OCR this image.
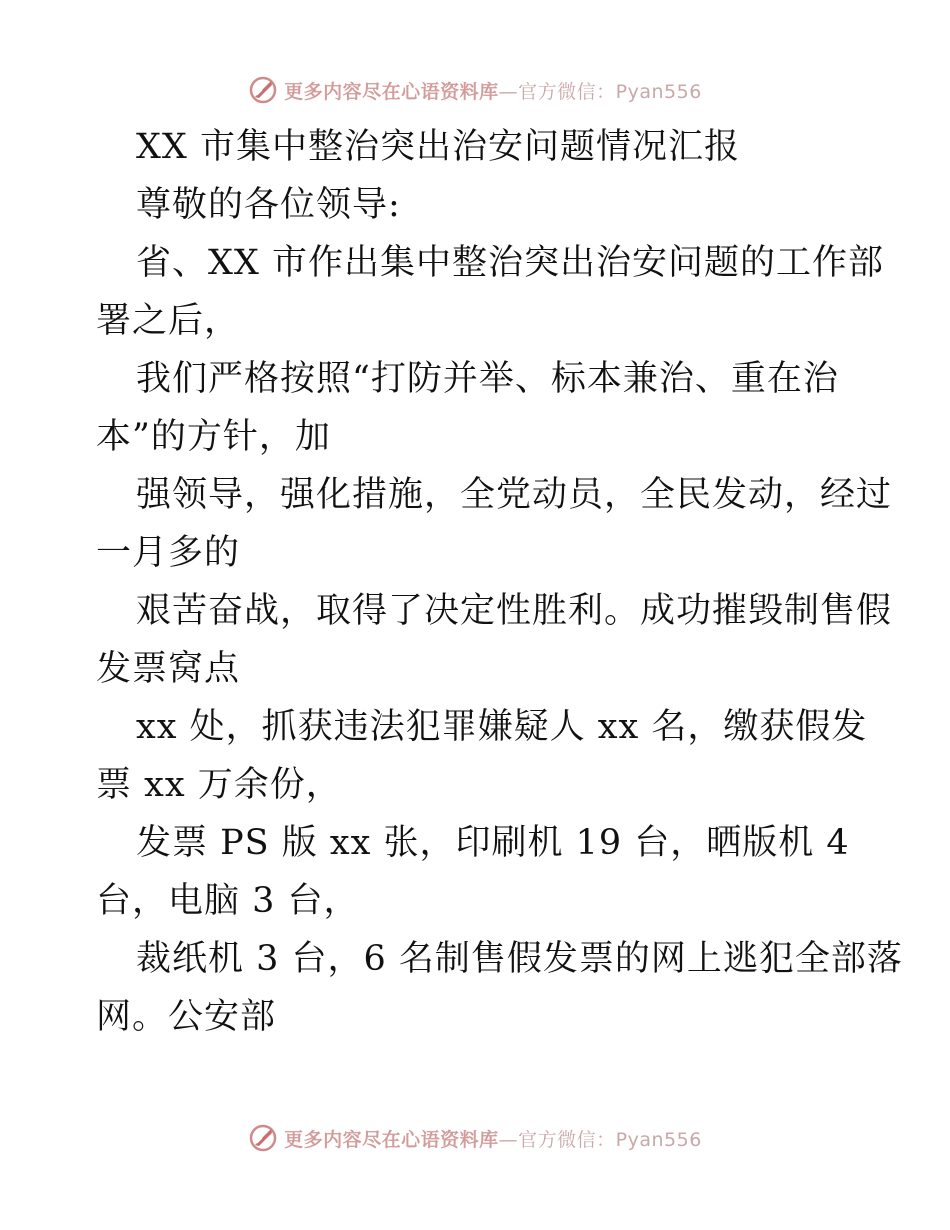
更多内容尽在心语资料库—官方微信：Pyan556
XX 市集中整治突出治安问题情况汇报
尊敬的各位领导:
省、XX 市作出集中整治突出治安问题的工作部
署之后，
我们严格按照“打防并举、标本兼治、重在治
本”的方针，加
强领导，强化措施，全党动员，全民发动，经过
一月多的
艰苦奋战，取得了决定性胜利。成功摧毁制售假
发票窝点
xx 处，抓获违法犯罪嫌疑人 xx 名，缴获假发
票 xx 万余份，
发票 PS 版 xx 张，印刷机 19 台，晒版机 4
台，电脑 3 台，
裁纸机 3 台，6 名制售假发票的网上逃犯全部落
网。公安部
更多内容尽在心语资料库—官方微信：Pyan556
